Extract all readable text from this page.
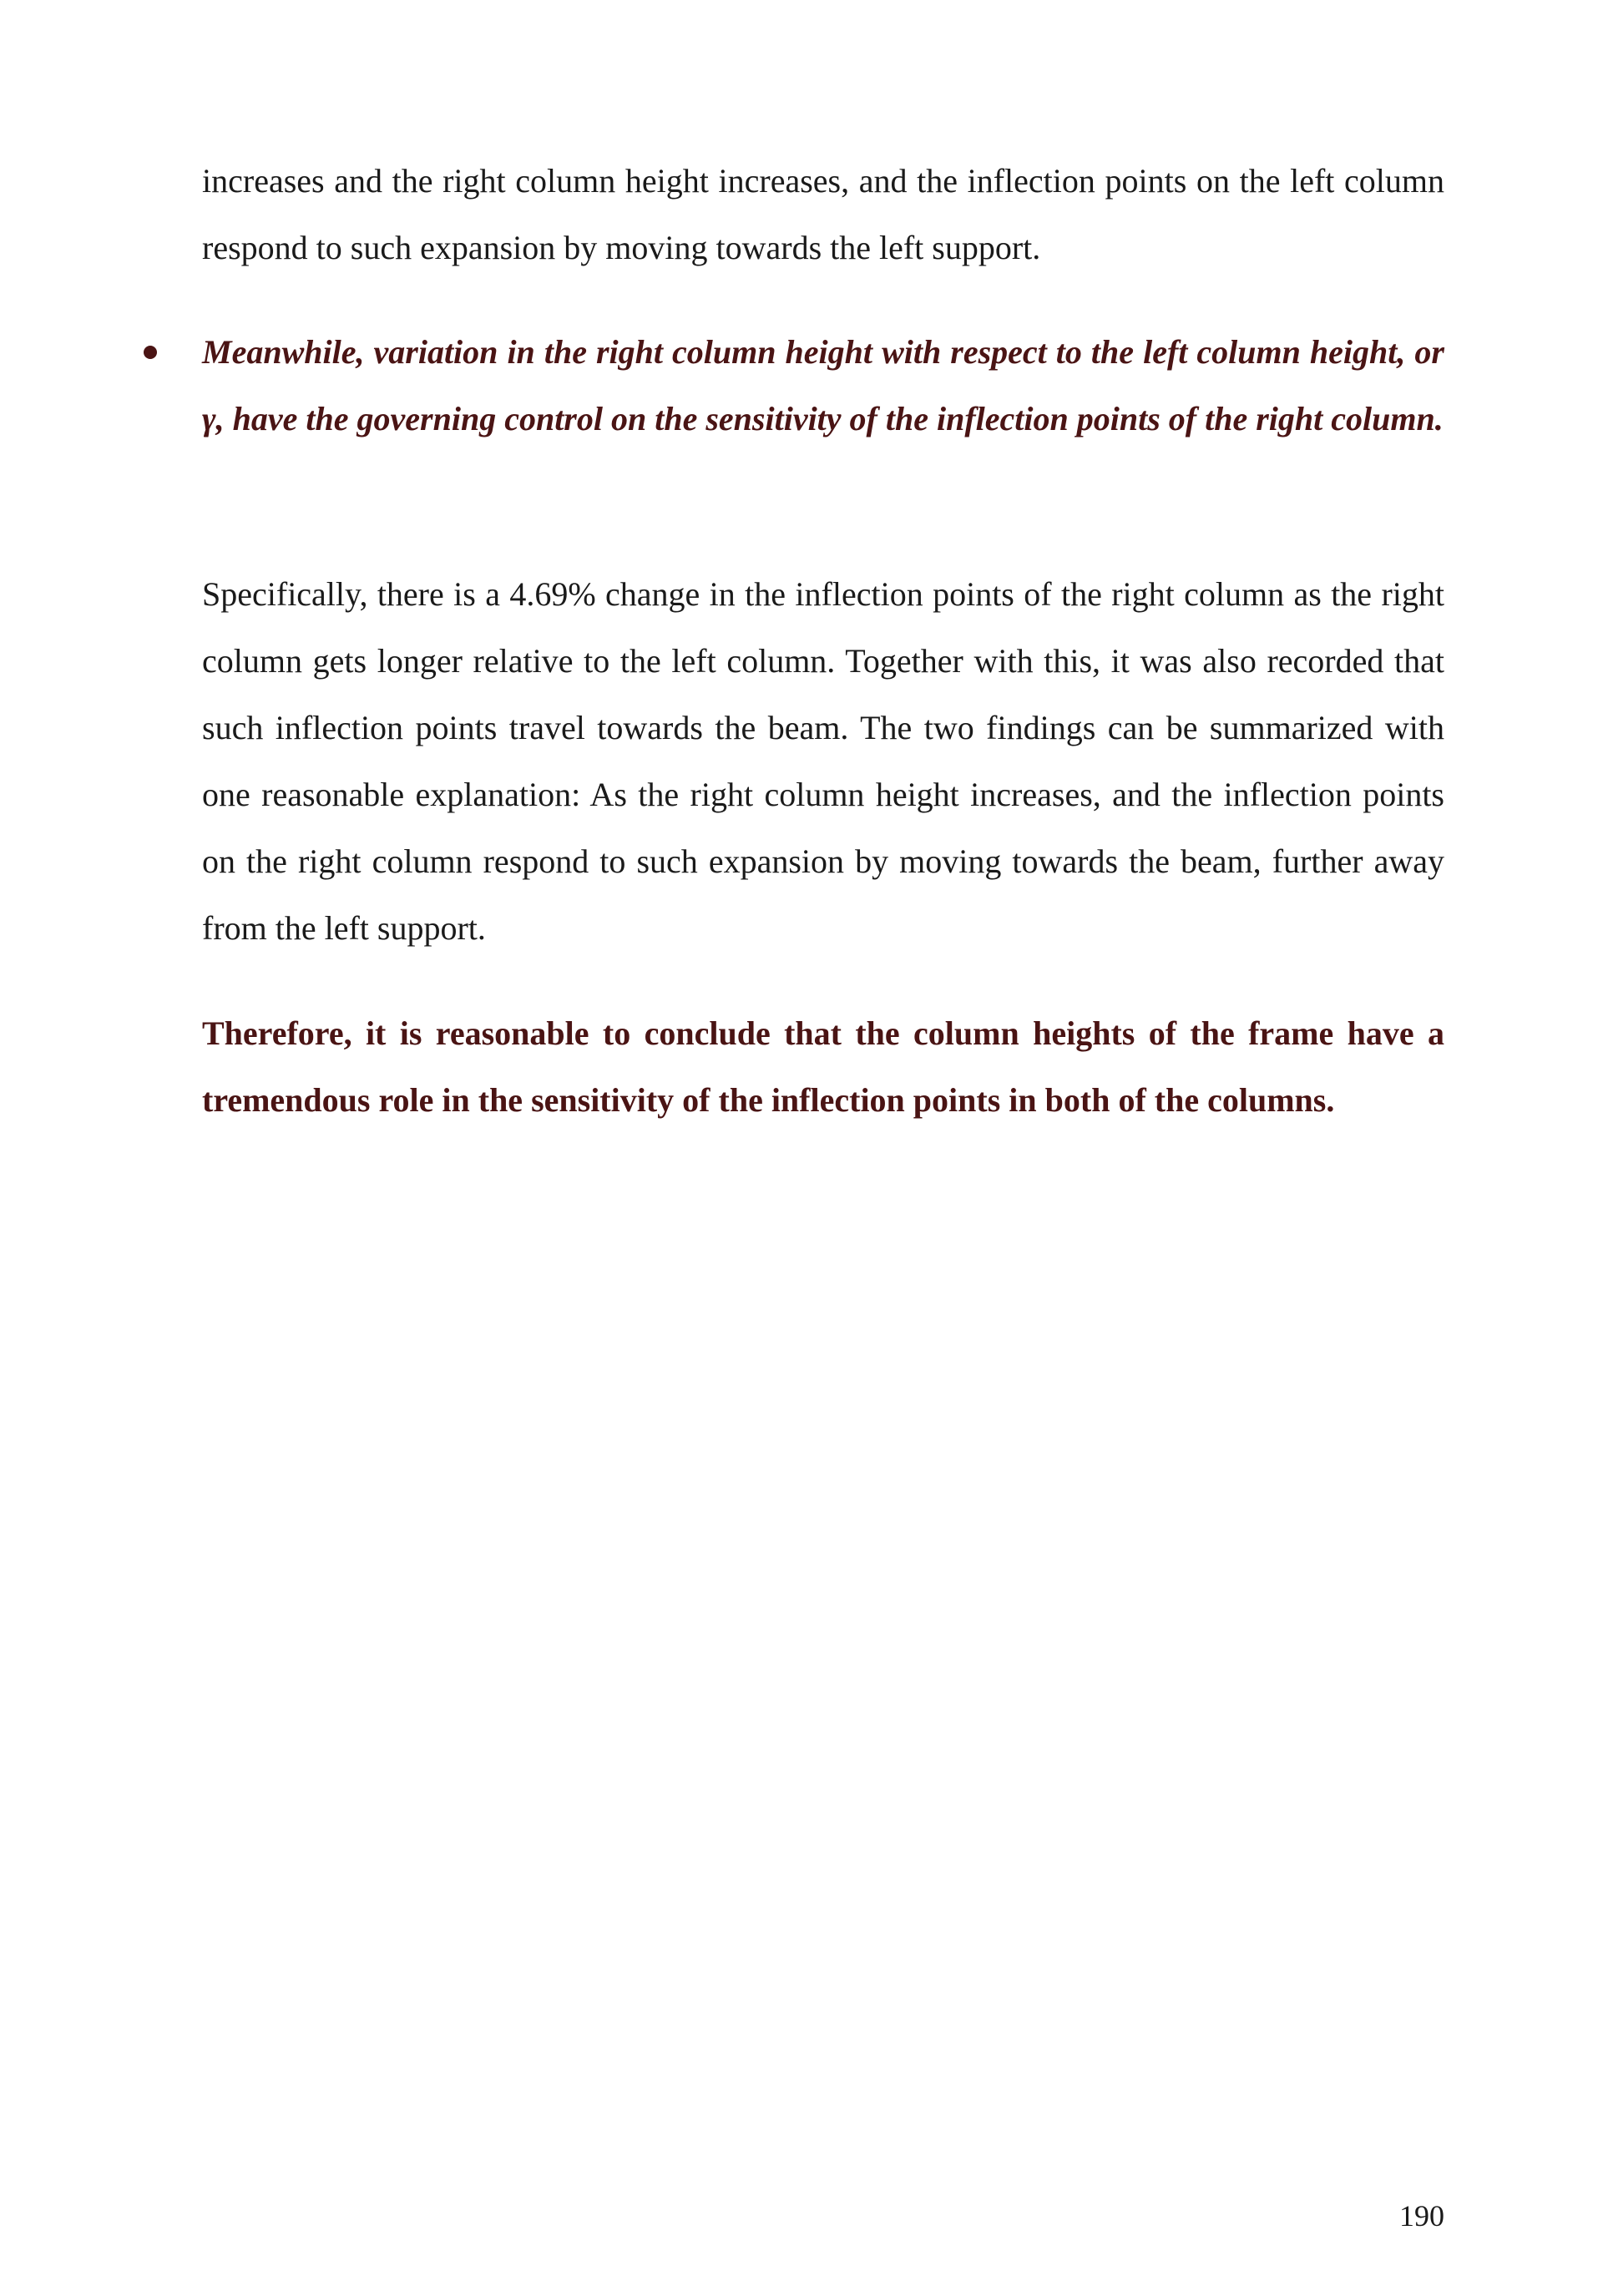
increases and the right column height increases, and the inflection points on the left column respond to such expansion by moving towards the left support.

Meanwhile, variation in the right column height with respect to the left column height, or γ, have the governing control on the sensitivity of the inflection points of the right column.

Specifically, there is a 4.69% change in the inflection points of the right column as the right column gets longer relative to the left column. Together with this, it was also recorded that such inflection points travel towards the beam. The two findings can be summarized with one reasonable explanation: As the right column height increases, and the inflection points on the right column respond to such expansion by moving towards the beam, further away from the left support.

Therefore, it is reasonable to conclude that the column heights of the frame have a tremendous role in the sensitivity of the inflection points in both of the columns.

190
